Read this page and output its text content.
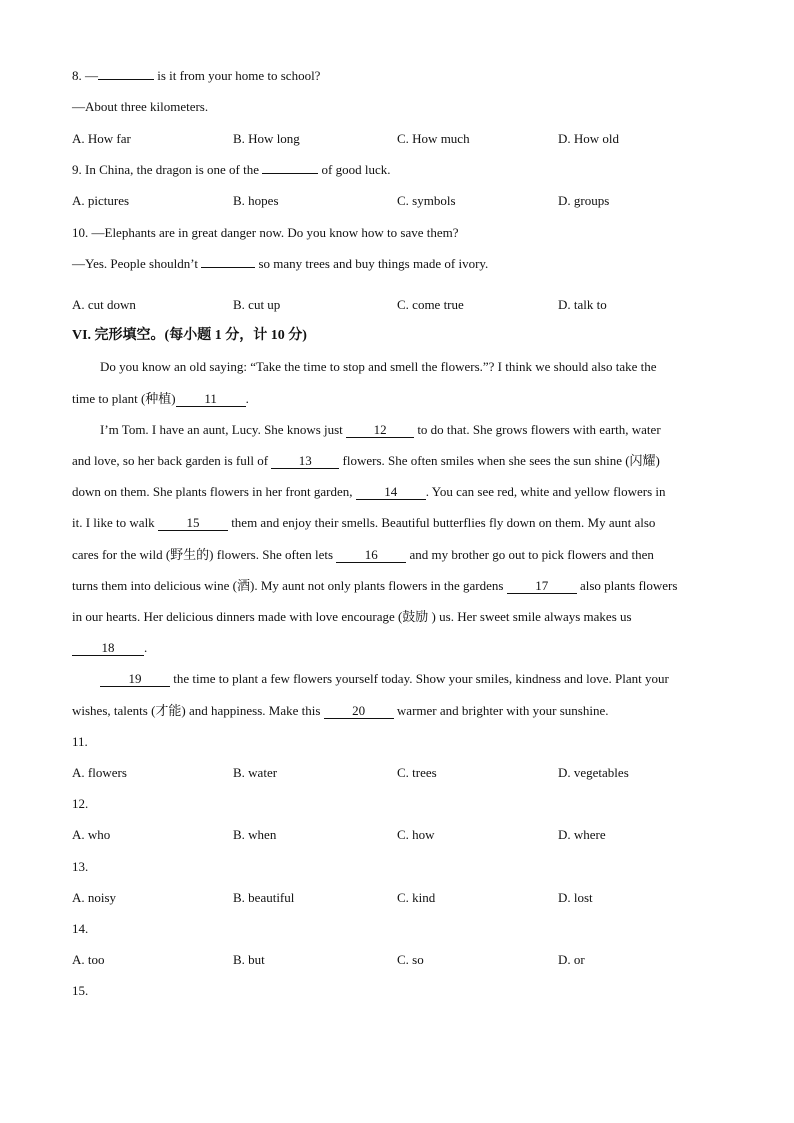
8. —	is it from your home to school?
—About three kilometers.
A. How far	B. How long	C. How much	D. How old
9. In China, the dragon is one of the	of good luck.
A. pictures	B. hopes	C. symbols	D. groups
10. —Elephants are in great danger now. Do you know how to save them?
—Yes. People shouldn’t	so many trees and buy things made of ivory.
A. cut down	B. cut up	C. come true	D. talk to
VI. 完形填空。(每小题 1 分，计 10 分)
Do you know an old saying: “Take the time to stop and smell the flowers.”? I think we should also take the
time to plant (种植) 11 .
I’m Tom. I have an aunt, Lucy. She knows just 12 to do that. She grows flowers with earth, water
and love, so her back garden is full of 13 flowers. She often smiles when she sees the sun shine (闪耀)
down on them. She plants flowers in her front garden, 14 . You can see red, white and yellow flowers in
it. I like to walk 15 them and enjoy their smells. Beautiful butterflies fly down on them. My aunt also
cares for the wild (野生的) flowers. She often lets 16 and my brother go out to pick flowers and then
turns them into delicious wine (酒). My aunt not only plants flowers in the gardens 17 also plants flowers
in our hearts. Her delicious dinners made with love encourage (鼓励 ) us. Her sweet smile always makes us
18 .
19 the time to plant a few flowers yourself today. Show your smiles, kindness and love. Plant your
wishes, talents (才能) and happiness. Make this 20 warmer and brighter with your sunshine.
11.
A. flowers	B. water	C. trees	D. vegetables
12.
A. who	B. when	C. how	D. where
13.
A. noisy	B. beautiful	C. kind	D. lost
14.
A. too	B. but	C. so	D. or
15.
